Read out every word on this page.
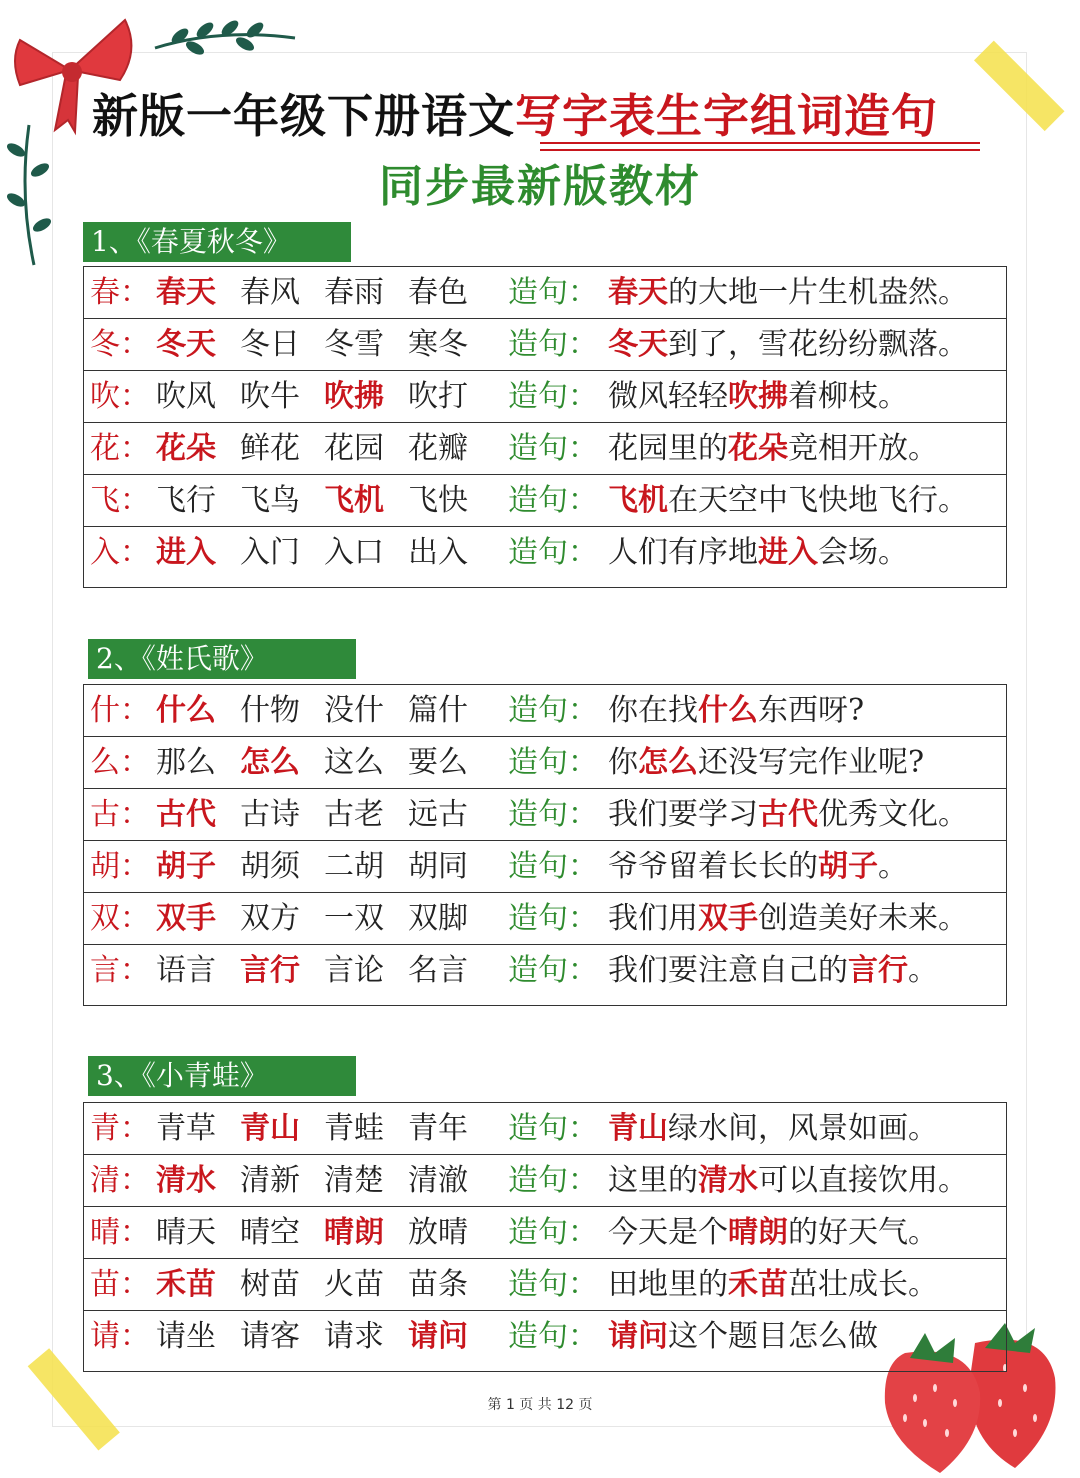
新版一年级下册语文写字表生字组词造句
同步最新版教材
1、《春夏秋冬》
春： 春天 春风 春雨 春色 造句： 春天的大地一片生机盎然。
冬： 冬天 冬日 冬雪 寒冬 造句： 冬天到了，雪花纷纷飘落。
吹： 吹风 吹牛 吹拂 吹打 造句： 微风轻轻吹拂着柳枝。
花： 花朵 鲜花 花园 花瓣 造句： 花园里的花朵竞相开放。
飞： 飞行 飞鸟 飞机 飞快 造句： 飞机在天空中飞快地飞行。
入： 进入 入门 入口 出入 造句： 人们有序地进入会场。
2、《姓氏歌》
什： 什么 什物 没什 篇什 造句： 你在找什么东西呀?
么： 那么 怎么 这么 要么 造句： 你怎么还没写完作业呢?
古： 古代 古诗 古老 远古 造句： 我们要学习古代优秀文化。
胡： 胡子 胡须 二胡 胡同 造句： 爷爷留着长长的胡子。
双： 双手 双方 一双 双脚 造句： 我们用双手创造美好未来。
言： 语言 言行 言论 名言 造句： 我们要注意自己的言行。
3、《小青蛙》
青： 青草 青山 青蛙 青年 造句： 青山绿水间，风景如画。
清： 清水 清新 清楚 清澈 造句： 这里的清水可以直接饮用。
晴： 晴天 晴空 晴朗 放晴 造句： 今天是个晴朗的好天气。
苗： 禾苗 树苗 火苗 苗条 造句： 田地里的禾苗茁壮成长。
请： 请坐 请客 请求 请问 造句： 请问这个题目怎么做
第 1 页 共 12 页
